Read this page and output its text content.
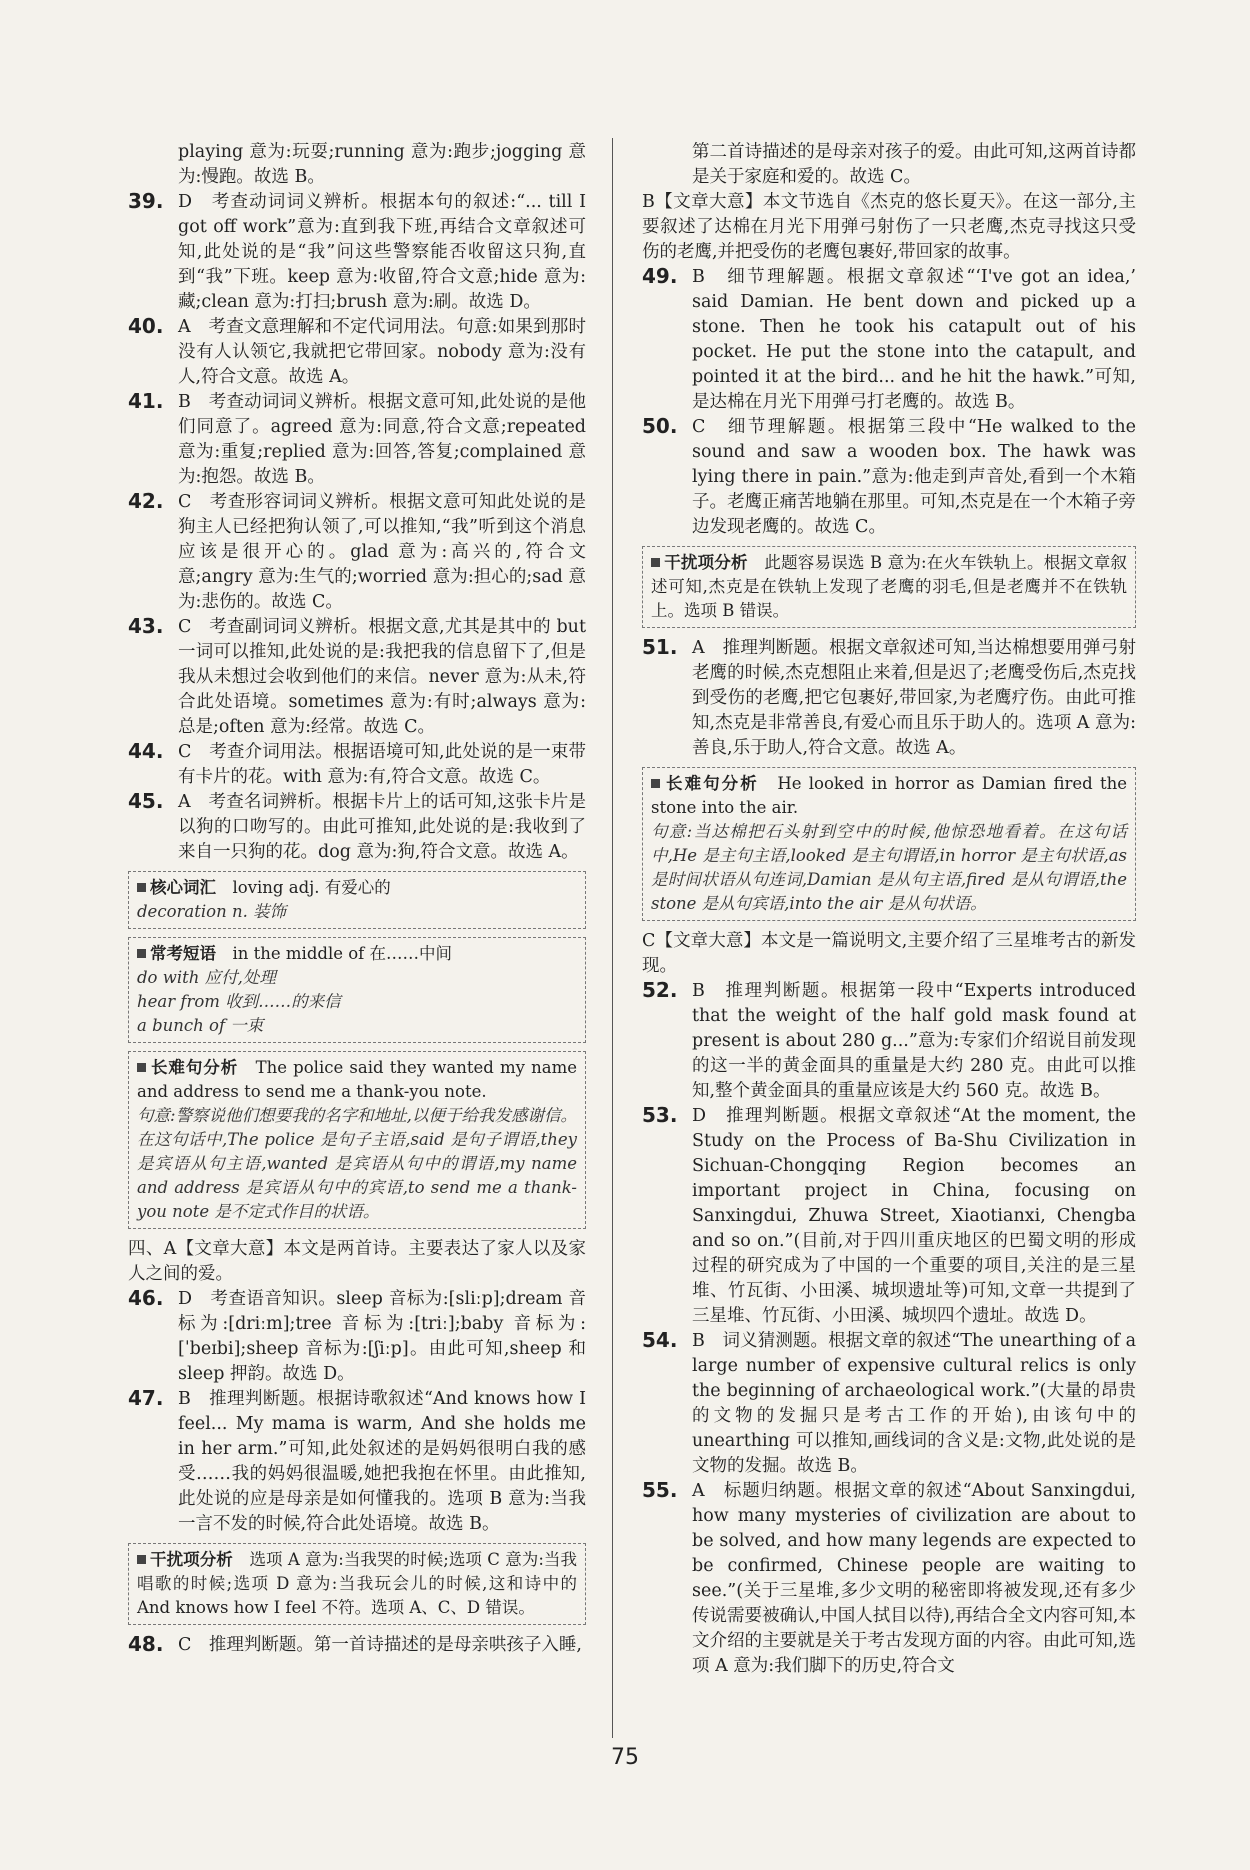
playing 意为:玩耍;running 意为:跑步;jogging 意为:慢跑。故选 B。

39. D　考查动词词义辨析。根据本句的叙述:“... till I got off work”意为:直到我下班,再结合文章叙述可知,此处说的是“我”问这些警察能否收留这只狗,直到“我”下班。keep 意为:收留,符合文意;hide 意为:藏;clean 意为:打扫;brush 意为:刷。故选 D。

40. A　考查文意理解和不定代词用法。句意:如果到那时没有人认领它,我就把它带回家。nobody 意为:没有人,符合文意。故选 A。

41. B　考查动词词义辨析。根据文意可知,此处说的是他们同意了。agreed 意为:同意,符合文意;repeated 意为:重复;replied 意为:回答,答复;complained 意为:抱怨。故选 B。

42. C　考查形容词词义辨析。根据文意可知此处说的是狗主人已经把狗认领了,可以推知,“我”听到这个消息应该是很开心的。glad 意为:高兴的,符合文意;angry 意为:生气的;worried 意为:担心的;sad 意为:悲伤的。故选 C。

43. C　考查副词词义辨析。根据文意,尤其是其中的 but 一词可以推知,此处说的是:我把我的信息留下了,但是我从未想过会收到他们的来信。never 意为:从未,符合此处语境。sometimes 意为:有时;always 意为:总是;often 意为:经常。故选 C。

44. C　考查介词用法。根据语境可知,此处说的是一束带有卡片的花。with 意为:有,符合文意。故选 C。

45. A　考查名词辨析。根据卡片上的话可知,这张卡片是以狗的口吻写的。由此可推知,此处说的是:我收到了来自一只狗的花。dog 意为:狗,符合文意。故选 A。

核心词汇　 loving adj. 有爱心的
decoration n. 装饰
常考短语　 in the middle of 在……中间
do with 应付,处理
hear from 收到……的来信
a bunch of 一束
长难句分析　 The police said they wanted my name and address to send me a thank-you note.
句意:警察说他们想要我的名字和地址,以便于给我发感谢信。在这句话中,The police 是句子主语,said 是句子谓语,they 是宾语从句主语,wanted 是宾语从句中的谓语,my name and address 是宾语从句中的宾语,to send me a thank-you note 是不定式作目的状语。

四、A【文章大意】本文是两首诗。主要表达了家人以及家人之间的爱。

46. D　考查语音知识。sleep 音标为:[sliːp];dream 音标为:[driːm];tree 音标为:[triː];baby 音标为:[ˈbeɪbi];sheep 音标为:[ʃiːp]。由此可知,sheep 和 sleep 押韵。故选 D。

47. B　推理判断题。根据诗歌叙述“And knows how I feel... My mama is warm, And she holds me in her arm.”可知,此处叙述的是妈妈很明白我的感受……我的妈妈很温暖,她把我抱在怀里。由此推知,此处说的应是母亲是如何懂我的。选项 B 意为:当我一言不发的时候,符合此处语境。故选 B。

干扰项分析　 选项 A 意为:当我哭的时候;选项 C 意为:当我唱歌的时候;选项 D 意为:当我玩会儿的时候,这和诗中的 And knows how I feel 不符。选项 A、C、D 错误。

48. C　推理判断题。第一首诗描述的是母亲哄孩子入睡,

第二首诗描述的是母亲对孩子的爱。由此可知,这两首诗都是关于家庭和爱的。故选 C。

B【文章大意】本文节选自《杰克的悠长夏天》。在这一部分,主要叙述了达棉在月光下用弹弓射伤了一只老鹰,杰克寻找这只受伤的老鹰,并把受伤的老鹰包裹好,带回家的故事。

49. B　细节理解题。根据文章叙述“‘I've got an idea,’ said Damian. He bent down and picked up a stone. Then he took his catapult out of his pocket. He put the stone into the catapult, and pointed it at the bird... and he hit the hawk.”可知,是达棉在月光下用弹弓打老鹰的。故选 B。

50. C　细节理解题。根据第三段中“He walked to the sound and saw a wooden box. The hawk was lying there in pain.”意为:他走到声音处,看到一个木箱子。老鹰正痛苦地躺在那里。可知,杰克是在一个木箱子旁边发现老鹰的。故选 C。

干扰项分析　 此题容易误选 B 意为:在火车铁轨上。根据文章叙述可知,杰克是在铁轨上发现了老鹰的羽毛,但是老鹰并不在铁轨上。选项 B 错误。

51. A　推理判断题。根据文章叙述可知,当达棉想要用弹弓射老鹰的时候,杰克想阻止来着,但是迟了;老鹰受伤后,杰克找到受伤的老鹰,把它包裹好,带回家,为老鹰疗伤。由此可推知,杰克是非常善良,有爱心而且乐于助人的。选项 A 意为:善良,乐于助人,符合文意。故选 A。

长难句分析　 He looked in horror as Damian fired the stone into the air.
句意:当达棉把石头射到空中的时候,他惊恐地看着。在这句话中,He 是主句主语,looked 是主句谓语,in horror 是主句状语,as 是时间状语从句连词,Damian 是从句主语,fired 是从句谓语,the stone 是从句宾语,into the air 是从句状语。

C【文章大意】本文是一篇说明文,主要介绍了三星堆考古的新发现。

52. B　推理判断题。根据第一段中“Experts introduced that the weight of the half gold mask found at present is about 280 g...”意为:专家们介绍说目前发现的这一半的黄金面具的重量是大约 280 克。由此可以推知,整个黄金面具的重量应该是大约 560 克。故选 B。

53. D　推理判断题。根据文章叙述“At the moment, the Study on the Process of Ba-Shu Civilization in Sichuan-Chongqing Region becomes an important project in China, focusing on Sanxingdui, Zhuwa Street, Xiaotianxi, Chengba and so on.”(目前,对于四川重庆地区的巴蜀文明的形成过程的研究成为了中国的一个重要的项目,关注的是三星堆、竹瓦街、小田溪、城坝遗址等)可知,文章一共提到了三星堆、竹瓦街、小田溪、城坝四个遗址。故选 D。

54. B　词义猜测题。根据文章的叙述“The unearthing of a large number of expensive cultural relics is only the beginning of archaeological work.”(大量的昂贵的文物的发掘只是考古工作的开始),由该句中的 unearthing 可以推知,画线词的含义是:文物,此处说的是文物的发掘。故选 B。

55. A　标题归纳题。根据文章的叙述“About Sanxingdui, how many mysteries of civilization are about to be solved, and how many legends are expected to be confirmed, Chinese people are waiting to see.”(关于三星堆,多少文明的秘密即将被发现,还有多少传说需要被确认,中国人拭目以待),再结合全文内容可知,本文介绍的主要就是关于考古发现方面的内容。由此可知,选项 A 意为:我们脚下的历史,符合文

75
